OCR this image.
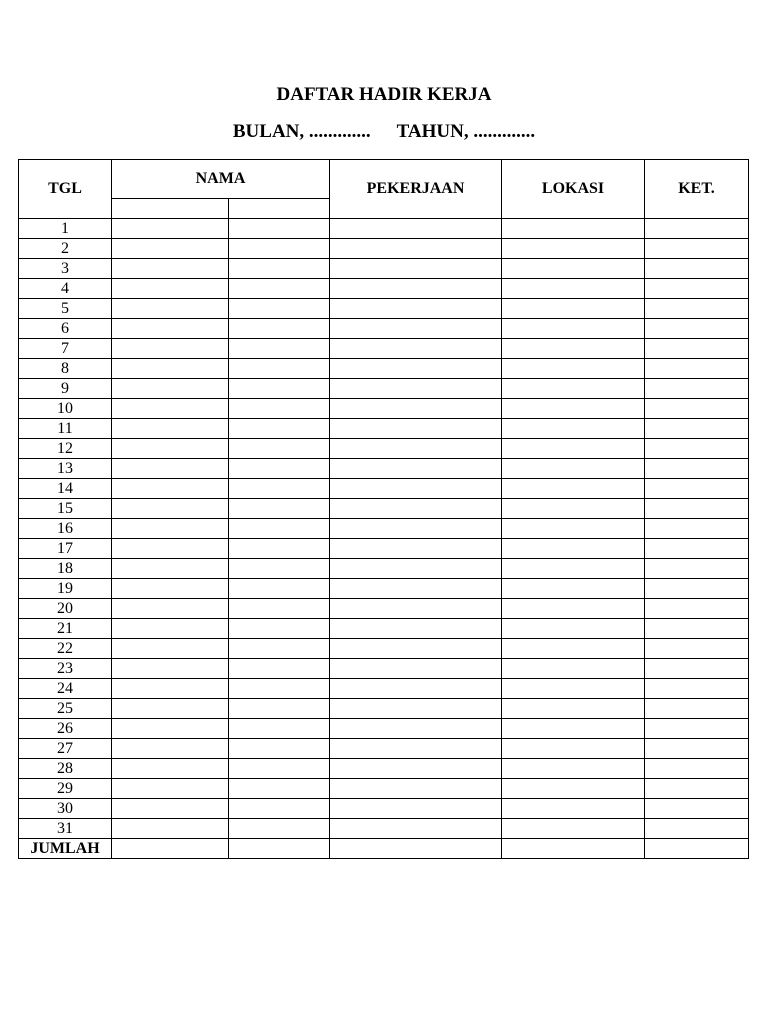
DAFTAR HADIR KERJA
BULAN, ............. TAHUN, .............
TGL	NAMA		PEKERJAAN	LOKASI	KET.

1					
2					
3					
4					
5					
6					
7					
8					
9					
10					
11					
12					
13					
14					
15					
16					
17					
18					
19					
20					
21					
22					
23					
24					
25					
26					
27					
28					
29					
30					
31					
JUMLAH					
